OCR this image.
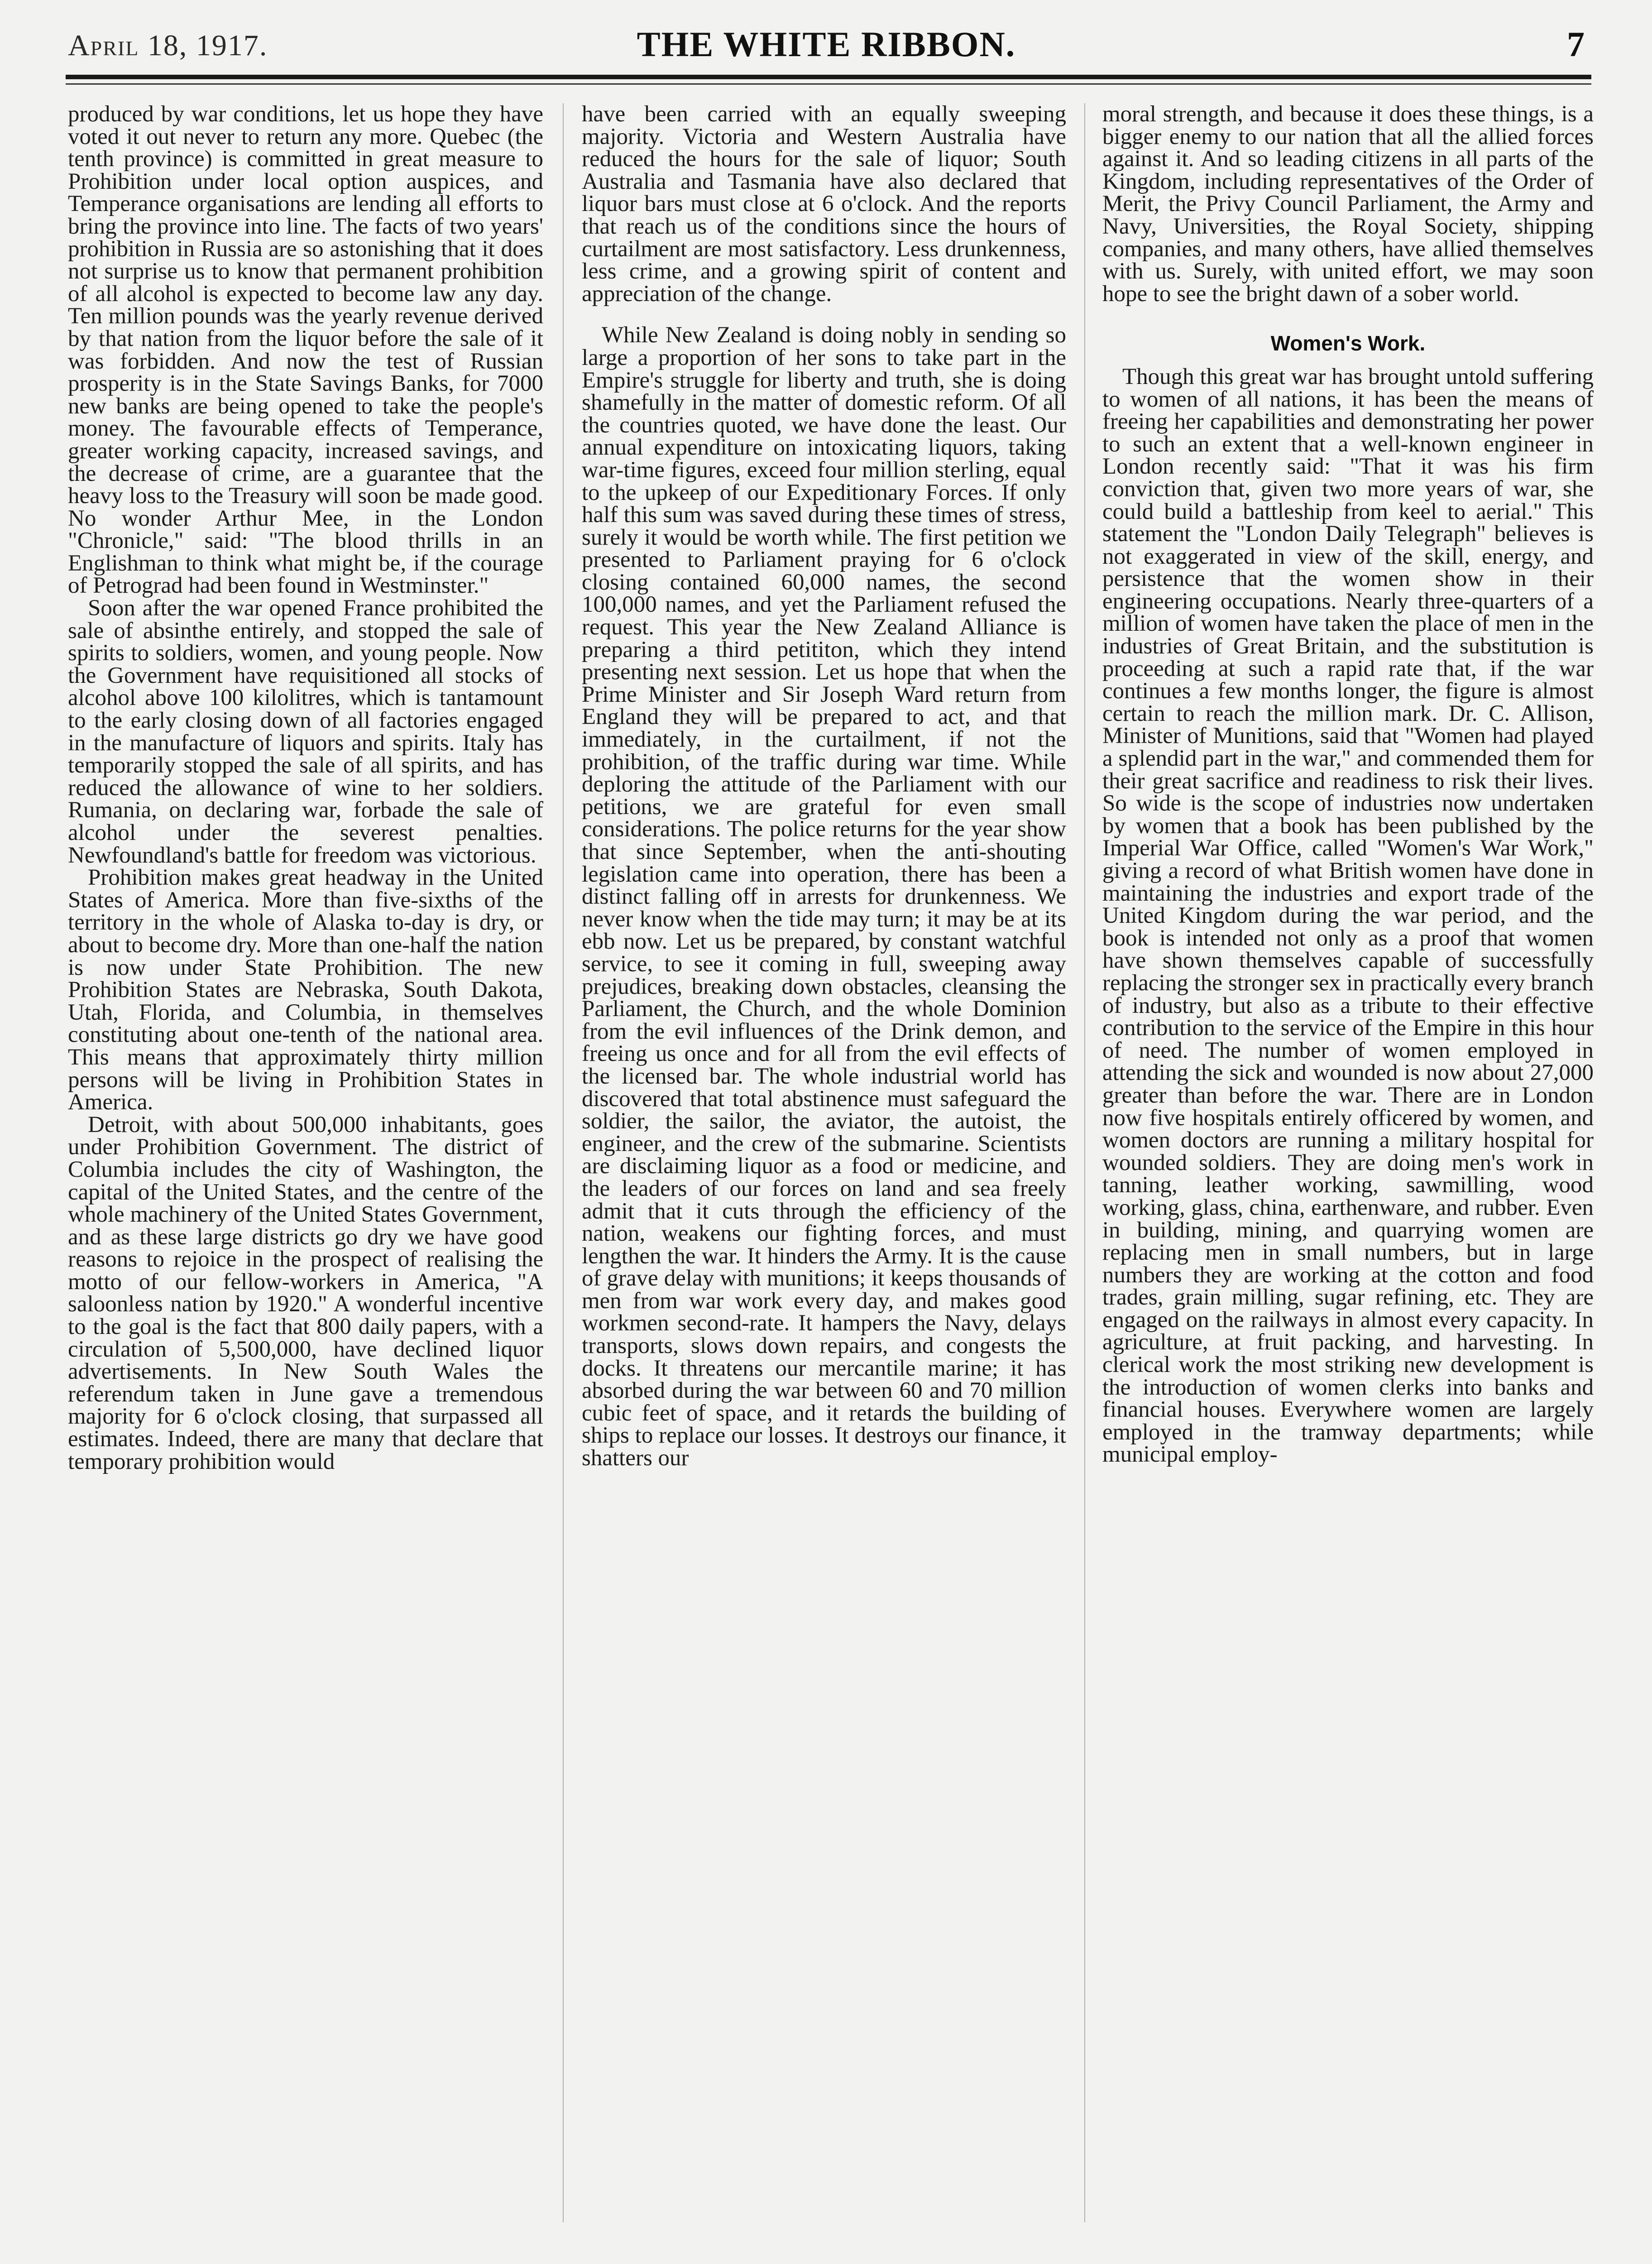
April 18, 1917.	THE WHITE RIBBON.	7

produced by war conditions, let us hope they have voted it out never to return any more. Quebec (the tenth province) is committed in great measure to Prohibition under local option auspices, and Temperance organisations are lending all efforts to bring the province into line. The facts of two years' prohibition in Russia are so astonishing that it does not surprise us to know that permanent prohibition of all alcohol is expected to become law any day. Ten million pounds was the yearly revenue derived by that nation from the liquor before the sale of it was forbidden. And now the test of Russian prosperity is in the State Savings Banks, for 7000 new banks are being opened to take the people's money. The favourable effects of Temperance, greater working capacity, increased savings, and the decrease of crime, are a guarantee that the heavy loss to the Treasury will soon be made good. No wonder Arthur Mee, in the London "Chronicle," said: "The blood thrills in an Englishman to think what might be, if the courage of Petrograd had been found in Westminster."

Soon after the war opened France prohibited the sale of absinthe entirely, and stopped the sale of spirits to soldiers, women, and young people. Now the Government have requisitioned all stocks of alcohol above 100 kilolitres, which is tantamount to the early closing down of all factories engaged in the manufacture of liquors and spirits. Italy has temporarily stopped the sale of all spirits, and has reduced the allowance of wine to her soldiers. Rumania, on declaring war, forbade the sale of alcohol under the severest penalties. Newfoundland's battle for freedom was victorious.

Prohibition makes great headway in the United States of America. More than five-sixths of the territory in the whole of Alaska to-day is dry, or about to become dry. More than one-half the nation is now under State Prohibition. The new Prohibition States are Nebraska, South Dakota, Utah, Florida, and Columbia, in themselves constituting about one-tenth of the national area. This means that approximately thirty million persons will be living in Prohibition States in America.

Detroit, with about 500,000 inhabitants, goes under Prohibition Government. The district of Columbia includes the city of Washington, the capital of the United States, and the centre of the whole machinery of the United States Government, and as these large districts go dry we have good reasons to rejoice in the prospect of realising the motto of our fellow-workers in America, "A saloonless nation by 1920." A wonderful incentive to the goal is the fact that 800 daily papers, with a circulation of 5,500,000, have declined liquor advertisements. In New South Wales the referendum taken in June gave a tremendous majority for 6 o'clock closing, that surpassed all estimates. Indeed, there are many that declare that temporary prohibition would

have been carried with an equally sweeping majority. Victoria and Western Australia have reduced the hours for the sale of liquor; South Australia and Tasmania have also declared that liquor bars must close at 6 o'clock. And the reports that reach us of the conditions since the hours of curtailment are most satisfactory. Less drunkenness, less crime, and a growing spirit of content and appreciation of the change.

While New Zealand is doing nobly in sending so large a proportion of her sons to take part in the Empire's struggle for liberty and truth, she is doing shamefully in the matter of domestic reform. Of all the countries quoted, we have done the least. Our annual expenditure on intoxicating liquors, taking war-time figures, exceed four million sterling, equal to the upkeep of our Expeditionary Forces. If only half this sum was saved during these times of stress, surely it would be worth while. The first petition we presented to Parliament praying for 6 o'clock closing contained 60,000 names, the second 100,000 names, and yet the Parliament refused the request. This year the New Zealand Alliance is preparing a third petititon, which they intend presenting next session. Let us hope that when the Prime Minister and Sir Joseph Ward return from England they will be prepared to act, and that immediately, in the curtailment, if not the prohibition, of the traffic during war time. While deploring the attitude of the Parliament with our petitions, we are grateful for even small considerations. The police returns for the year show that since September, when the anti-shouting legislation came into operation, there has been a distinct falling off in arrests for drunkenness. We never know when the tide may turn; it may be at its ebb now. Let us be prepared, by constant watchful service, to see it coming in full, sweeping away prejudices, breaking down obstacles, cleansing the Parliament, the Church, and the whole Dominion from the evil influences of the Drink demon, and freeing us once and for all from the evil effects of the licensed bar. The whole industrial world has discovered that total abstinence must safeguard the soldier, the sailor, the aviator, the autoist, the engineer, and the crew of the submarine. Scientists are disclaiming liquor as a food or medicine, and the leaders of our forces on land and sea freely admit that it cuts through the efficiency of the nation, weakens our fighting forces, and must lengthen the war. It hinders the Army. It is the cause of grave delay with munitions; it keeps thousands of men from war work every day, and makes good workmen second-rate. It hampers the Navy, delays transports, slows down repairs, and congests the docks. It threatens our mercantile marine; it has absorbed during the war between 60 and 70 million cubic feet of space, and it retards the building of ships to replace our losses. It destroys our finance, it shatters our

moral strength, and because it does these things, is a bigger enemy to our nation that all the allied forces against it. And so leading citizens in all parts of the Kingdom, including representatives of the Order of Merit, the Privy Council Parliament, the Army and Navy, Universities, the Royal Society, shipping companies, and many others, have allied themselves with us. Surely, with united effort, we may soon hope to see the bright dawn of a sober world.

Women's Work.

Though this great war has brought untold suffering to women of all nations, it has been the means of freeing her capabilities and demonstrating her power to such an extent that a well-known engineer in London recently said: "That it was his firm conviction that, given two more years of war, she could build a battleship from keel to aerial." This statement the "London Daily Telegraph" believes is not exaggerated in view of the skill, energy, and persistence that the women show in their engineering occupations. Nearly three-quarters of a million of women have taken the place of men in the industries of Great Britain, and the substitution is proceeding at such a rapid rate that, if the war continues a few months longer, the figure is almost certain to reach the million mark. Dr. C. Allison, Minister of Munitions, said that "Women had played a splendid part in the war," and commended them for their great sacrifice and readiness to risk their lives. So wide is the scope of industries now undertaken by women that a book has been published by the Imperial War Office, called "Women's War Work," giving a record of what British women have done in maintaining the industries and export trade of the United Kingdom during the war period, and the book is intended not only as a proof that women have shown themselves capable of successfully replacing the stronger sex in practically every branch of industry, but also as a tribute to their effective contribution to the service of the Empire in this hour of need. The number of women employed in attending the sick and wounded is now about 27,000 greater than before the war. There are in London now five hospitals entirely officered by women, and women doctors are running a military hospital for wounded soldiers. They are doing men's work in tanning, leather working, sawmilling, wood working, glass, china, earthenware, and rubber. Even in building, mining, and quarrying women are replacing men in small numbers, but in large numbers they are working at the cotton and food trades, grain milling, sugar refining, etc. They are engaged on the railways in almost every capacity. In agriculture, at fruit packing, and harvesting. In clerical work the most striking new development is the introduction of women clerks into banks and financial houses. Everywhere women are largely employed in the tramway departments; while municipal employ-
